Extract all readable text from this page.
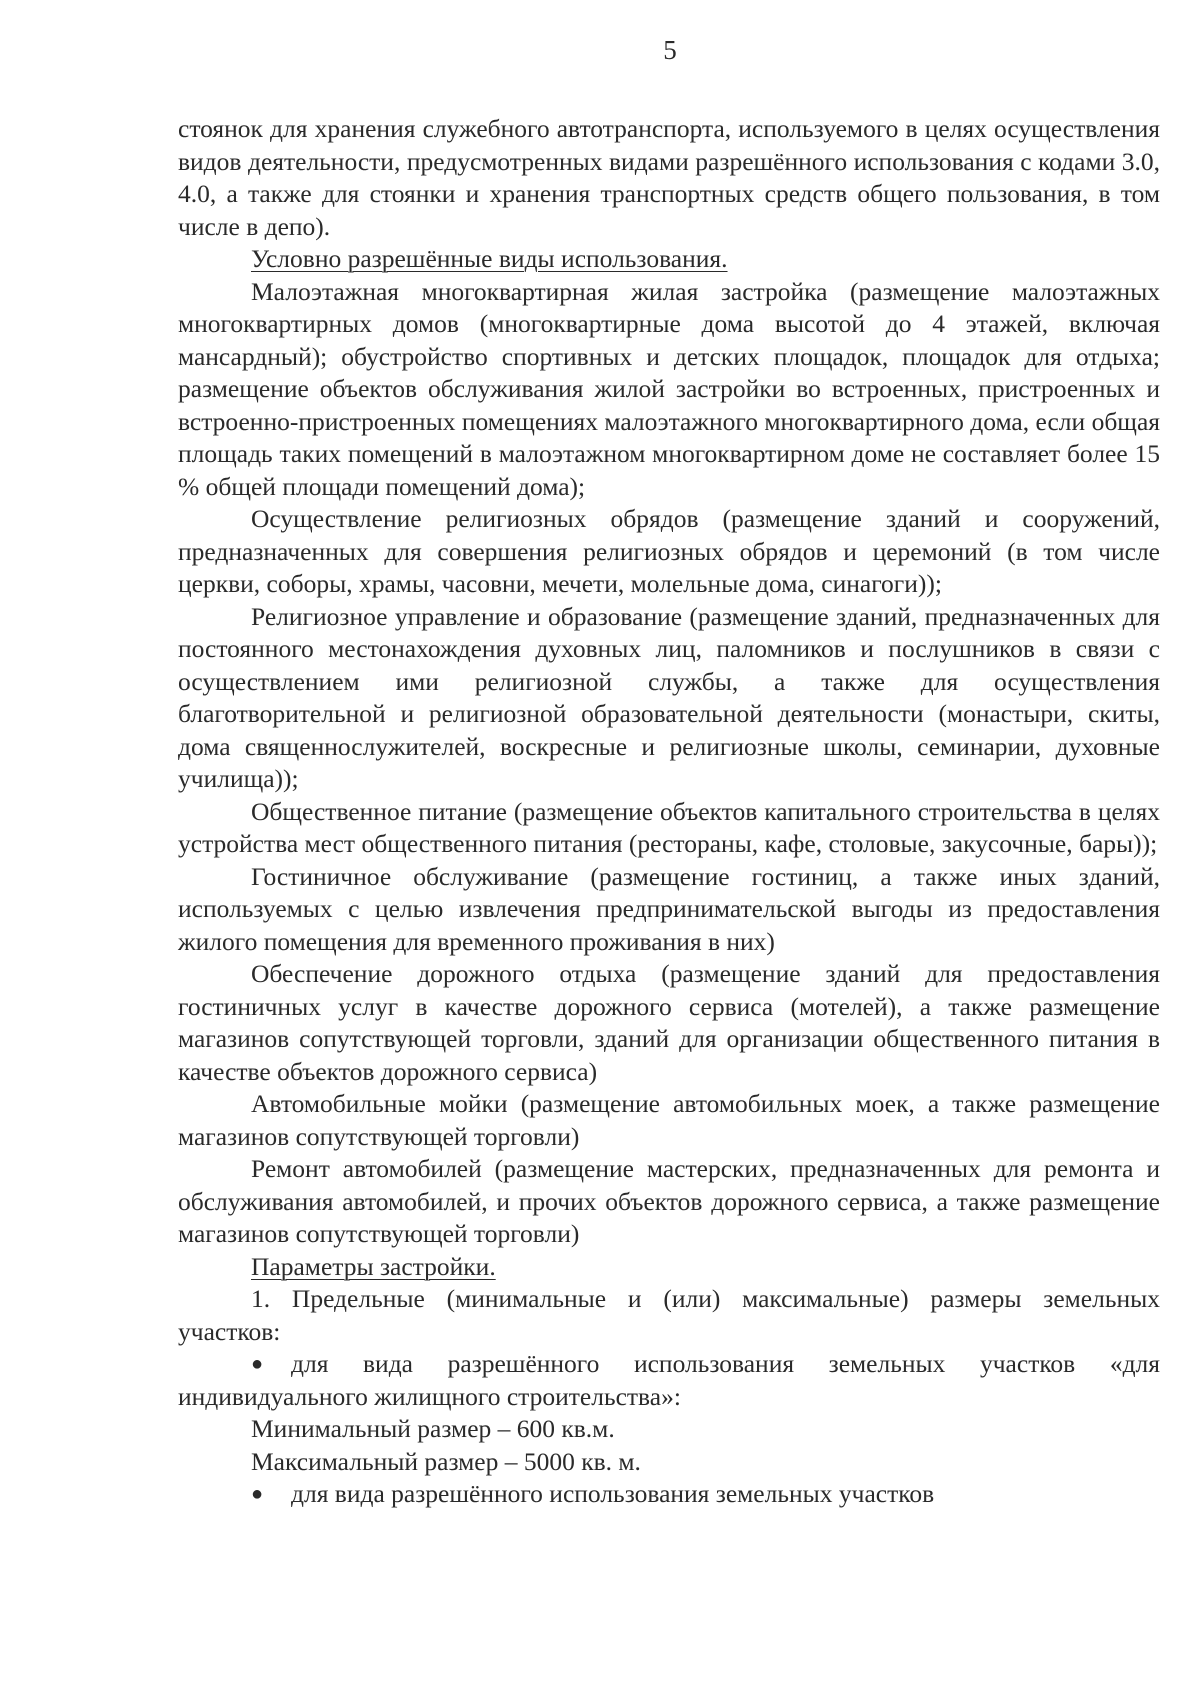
5

стоянок для хранения служебного автотранспорта, используемого в целях осуществления видов деятельности, предусмотренных видами разрешённого использования с кодами 3.0, 4.0, а также для стоянки и хранения транспортных средств общего пользования, в том числе в депо).

Условно разрешённые виды использования.

Малоэтажная многоквартирная жилая застройка (размещение малоэтажных многоквартирных домов (многоквартирные дома высотой до 4 этажей, включая мансардный); обустройство спортивных и детских площадок, площадок для отдыха; размещение объектов обслуживания жилой застройки во встроенных, пристроенных и встроенно-пристроенных помещениях малоэтажного многоквартирного дома, если общая площадь таких помещений в малоэтажном многоквартирном доме не составляет более 15 % общей площади помещений дома);

Осуществление религиозных обрядов (размещение зданий и сооружений, предназначенных для совершения религиозных обрядов и церемоний (в том числе церкви, соборы, храмы, часовни, мечети, молельные дома, синагоги));

Религиозное управление и образование (размещение зданий, предназначенных для постоянного местонахождения духовных лиц, паломников и послушников в связи с осуществлением ими религиозной службы, а также для осуществления благотворительной и религиозной образовательной деятельности (монастыри, скиты, дома священнослужителей, воскресные и религиозные школы, семинарии, духовные училища));

Общественное питание (размещение объектов капитального строительства в целях устройства мест общественного питания (рестораны, кафе, столовые, закусочные, бары));

Гостиничное обслуживание (размещение гостиниц, а также иных зданий, используемых с целью извлечения предпринимательской выгоды из предоставления жилого помещения для временного проживания в них)

Обеспечение дорожного отдыха (размещение зданий для предоставления гостиничных услуг в качестве дорожного сервиса (мотелей), а также размещение магазинов сопутствующей торговли, зданий для организации общественного питания в качестве объектов дорожного сервиса)

Автомобильные мойки (размещение автомобильных моек, а также размещение магазинов сопутствующей торговли)

Ремонт автомобилей (размещение мастерских, предназначенных для ремонта и обслуживания автомобилей, и прочих объектов дорожного сервиса, а также размещение магазинов сопутствующей торговли)

Параметры застройки.

1. Предельные (минимальные и (или) максимальные) размеры земельных участков:

● для вида разрешённого использования земельных участков «для индивидуального жилищного строительства»:

Минимальный размер – 600 кв.м.

Максимальный размер – 5000 кв. м.

● для вида разрешённого использования земельных участков
